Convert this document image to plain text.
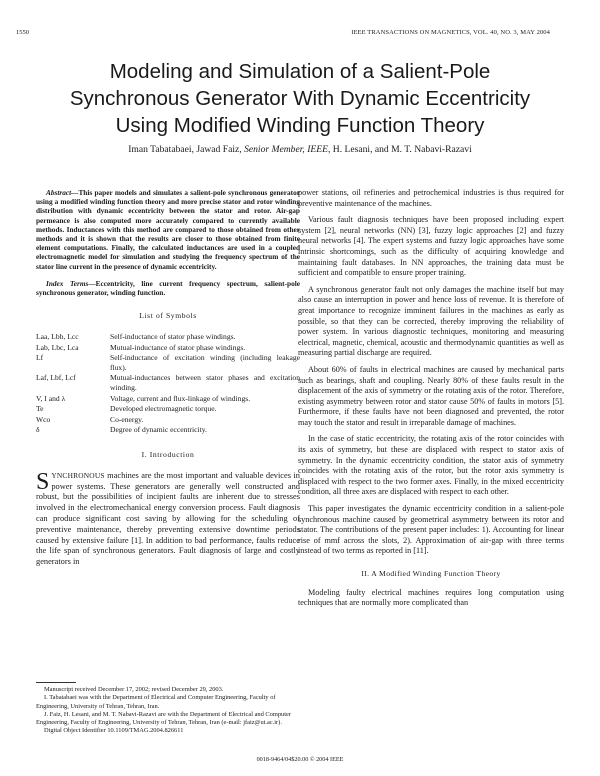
1550	IEEE TRANSACTIONS ON MAGNETICS, VOL. 40, NO. 3, MAY 2004
Modeling and Simulation of a Salient-Pole
Synchronous Generator With Dynamic Eccentricity
Using Modified Winding Function Theory
Iman Tabatabaei, Jawad Faiz, Senior Member, IEEE, H. Lesani, and M. T. Nabavi-Razavi

Abstract—This paper models and simulates a salient-pole synchronous generator using a modified winding function theory and more precise stator and rotor winding distribution with dynamic eccentricity between the stator and rotor. Air-gap permeance is also computed more accurately compared to currently available methods. Inductances with this method are compared to those obtained from other methods and it is shown that the results are closer to those obtained from finite element computations. Finally, the calculated inductances are used in a coupled electromagnetic model for simulation and studying the frequency spectrum of the stator line current in the presence of dynamic eccentricity.

Index Terms—Eccentricity, line current frequency spectrum, salient-pole synchronous generator, winding function.

List of Symbols
Laa, Lbb, Lcc	Self-inductance of stator phase windings.
Lab, Lbc, Lca	Mutual-inductance of stator phase windings.
Lf	Self-inductance of excitation winding (including leakage flux).
Laf, Lbf, Lcf	Mutual-inductances between stator phases and excitation winding.
V, I and λ	Voltage, current and flux-linkage of windings.
Te	Developed electromagnetic torque.
Wco	Co-energy.
δ	Degree of dynamic eccentricity.
I. Introduction

SYNCHRONOUS machines are the most important and valuable devices in power systems. These generators are generally well constructed and robust, but the possibilities of incipient faults are inherent due to stresses involved in the electromechanical energy conversion process. Fault diagnosis can produce significant cost saving by allowing for the scheduling of preventive maintenance, thereby preventing extensive downtime periods caused by extensive failure [1]. In addition to bad performance, faults reduce the life span of synchronous generators. Fault diagnosis of large and costly generators in

Manuscript received December 17, 2002; revised December 29, 2003.

I. Tabatabaei was with the Department of Electrical and Computer Engineering, Faculty of Engineering, University of Tehran, Tehran, Iran.

J. Faiz, H. Lesani, and M. T. Nabavi-Razavi are with the Department of Electrical and Computer Engineering, Faculty of Engineering, University of Tehran, Tehran, Iran (e-mail: jfaiz@ut.ac.ir).

Digital Object Identifier 10.1109/TMAG.2004.826611

power stations, oil refineries and petrochemical industries is thus required for preventive maintenance of the machines.

Various fault diagnosis techniques have been proposed including expert system [2], neural networks (NN) [3], fuzzy logic approaches [2] and fuzzy neural networks [4]. The expert systems and fuzzy logic approaches have some intrinsic shortcomings, such as the difficulty of acquiring knowledge and maintaining fault databases. In NN approaches, the training data must be sufficient and compatible to ensure proper training.

A synchronous generator fault not only damages the machine itself but may also cause an interruption in power and hence loss of revenue. It is therefore of great importance to recognize imminent failures in the machines as early as possible, so that they can be corrected, thereby improving the reliability of power system. In various diagnostic techniques, monitoring and measuring electrical, magnetic, chemical, acoustic and thermodynamic quantities as well as measuring partial discharge are required.

About 60% of faults in electrical machines are caused by mechanical parts such as bearings, shaft and coupling. Nearly 80% of these faults result in the displacement of the axis of symmetry or the rotating axis of the rotor. Therefore, existing asymmetry between rotor and stator cause 50% of faults in motors [5]. Furthermore, if these faults have not been diagnosed and prevented, the rotor may touch the stator and result in irreparable damage of machines.

In the case of static eccentricity, the rotating axis of the rotor coincides with its axis of symmetry, but these are displaced with respect to stator axis of symmetry. In the dynamic eccentricity condition, the stator axis of symmetry coincides with the rotating axis of the rotor, but the rotor axis symmetry is displaced with respect to the two former axes. Finally, in the mixed eccentricity condition, all three axes are displaced with respect to each other.

This paper investigates the dynamic eccentricity condition in a salient-pole synchronous machine caused by geometrical asymmetry between its rotor and stator. The contributions of the present paper includes: 1). Accounting for linear rise of mmf across the slots, 2). Approximation of air-gap with three terms instead of two terms as reported in [11].

II. A Modified Winding Function Theory

Modeling faulty electrical machines requires long computation using techniques that are normally more complicated than

0018-9464/04$20.00 © 2004 IEEE
